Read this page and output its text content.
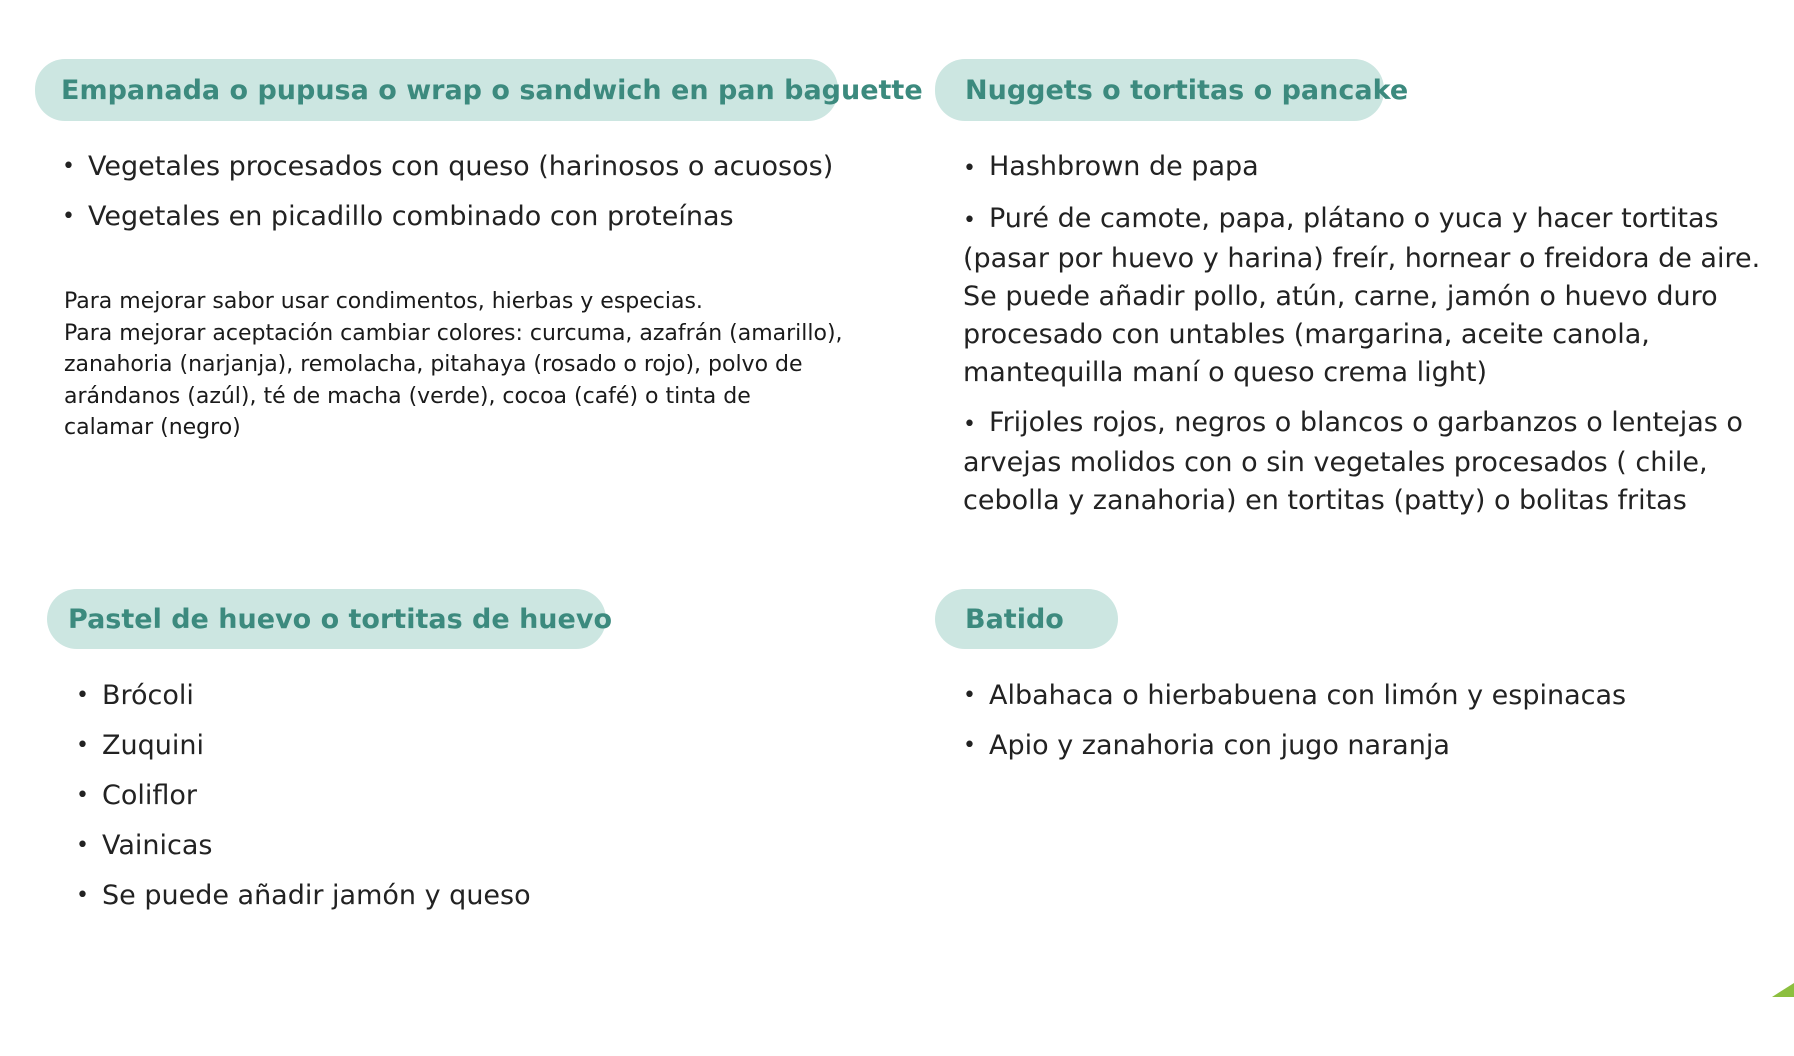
Empanada o pupusa o wrap o sandwich en pan baguette
• Vegetales procesados con queso (harinosos o acuosos)
• Vegetales en picadillo combinado con proteínas

Para mejorar sabor usar condimentos, hierbas y especias.

Para mejorar aceptación cambiar colores: curcuma, azafrán (amarillo), zanahoria (narjanja), remolacha, pitahaya (rosado o rojo), polvo de arándanos (azúl), té de macha (verde), cocoa (café) o tinta de calamar (negro)

Nuggets o tortitas o pancake
• Hashbrown de papa
• Puré de camote, papa, plátano o yuca y hacer tortitas (pasar por huevo y harina) freír, hornear o freidora de aire. Se puede añadir pollo, atún, carne, jamón o huevo duro procesado con untables (margarina, aceite canola, mantequilla maní o queso crema light)
• Frijoles rojos, negros o blancos o garbanzos o lentejas o arvejas molidos con o sin vegetales procesados ( chile, cebolla y zanahoria) en tortitas (patty) o bolitas fritas
Pastel de huevo o tortitas de huevo
• Brócoli
• Zuquini
• Coliflor
• Vainicas
• Se puede añadir jamón y queso
Batido
• Albahaca o hierbabuena con limón y espinacas
• Apio y zanahoria con jugo naranja
